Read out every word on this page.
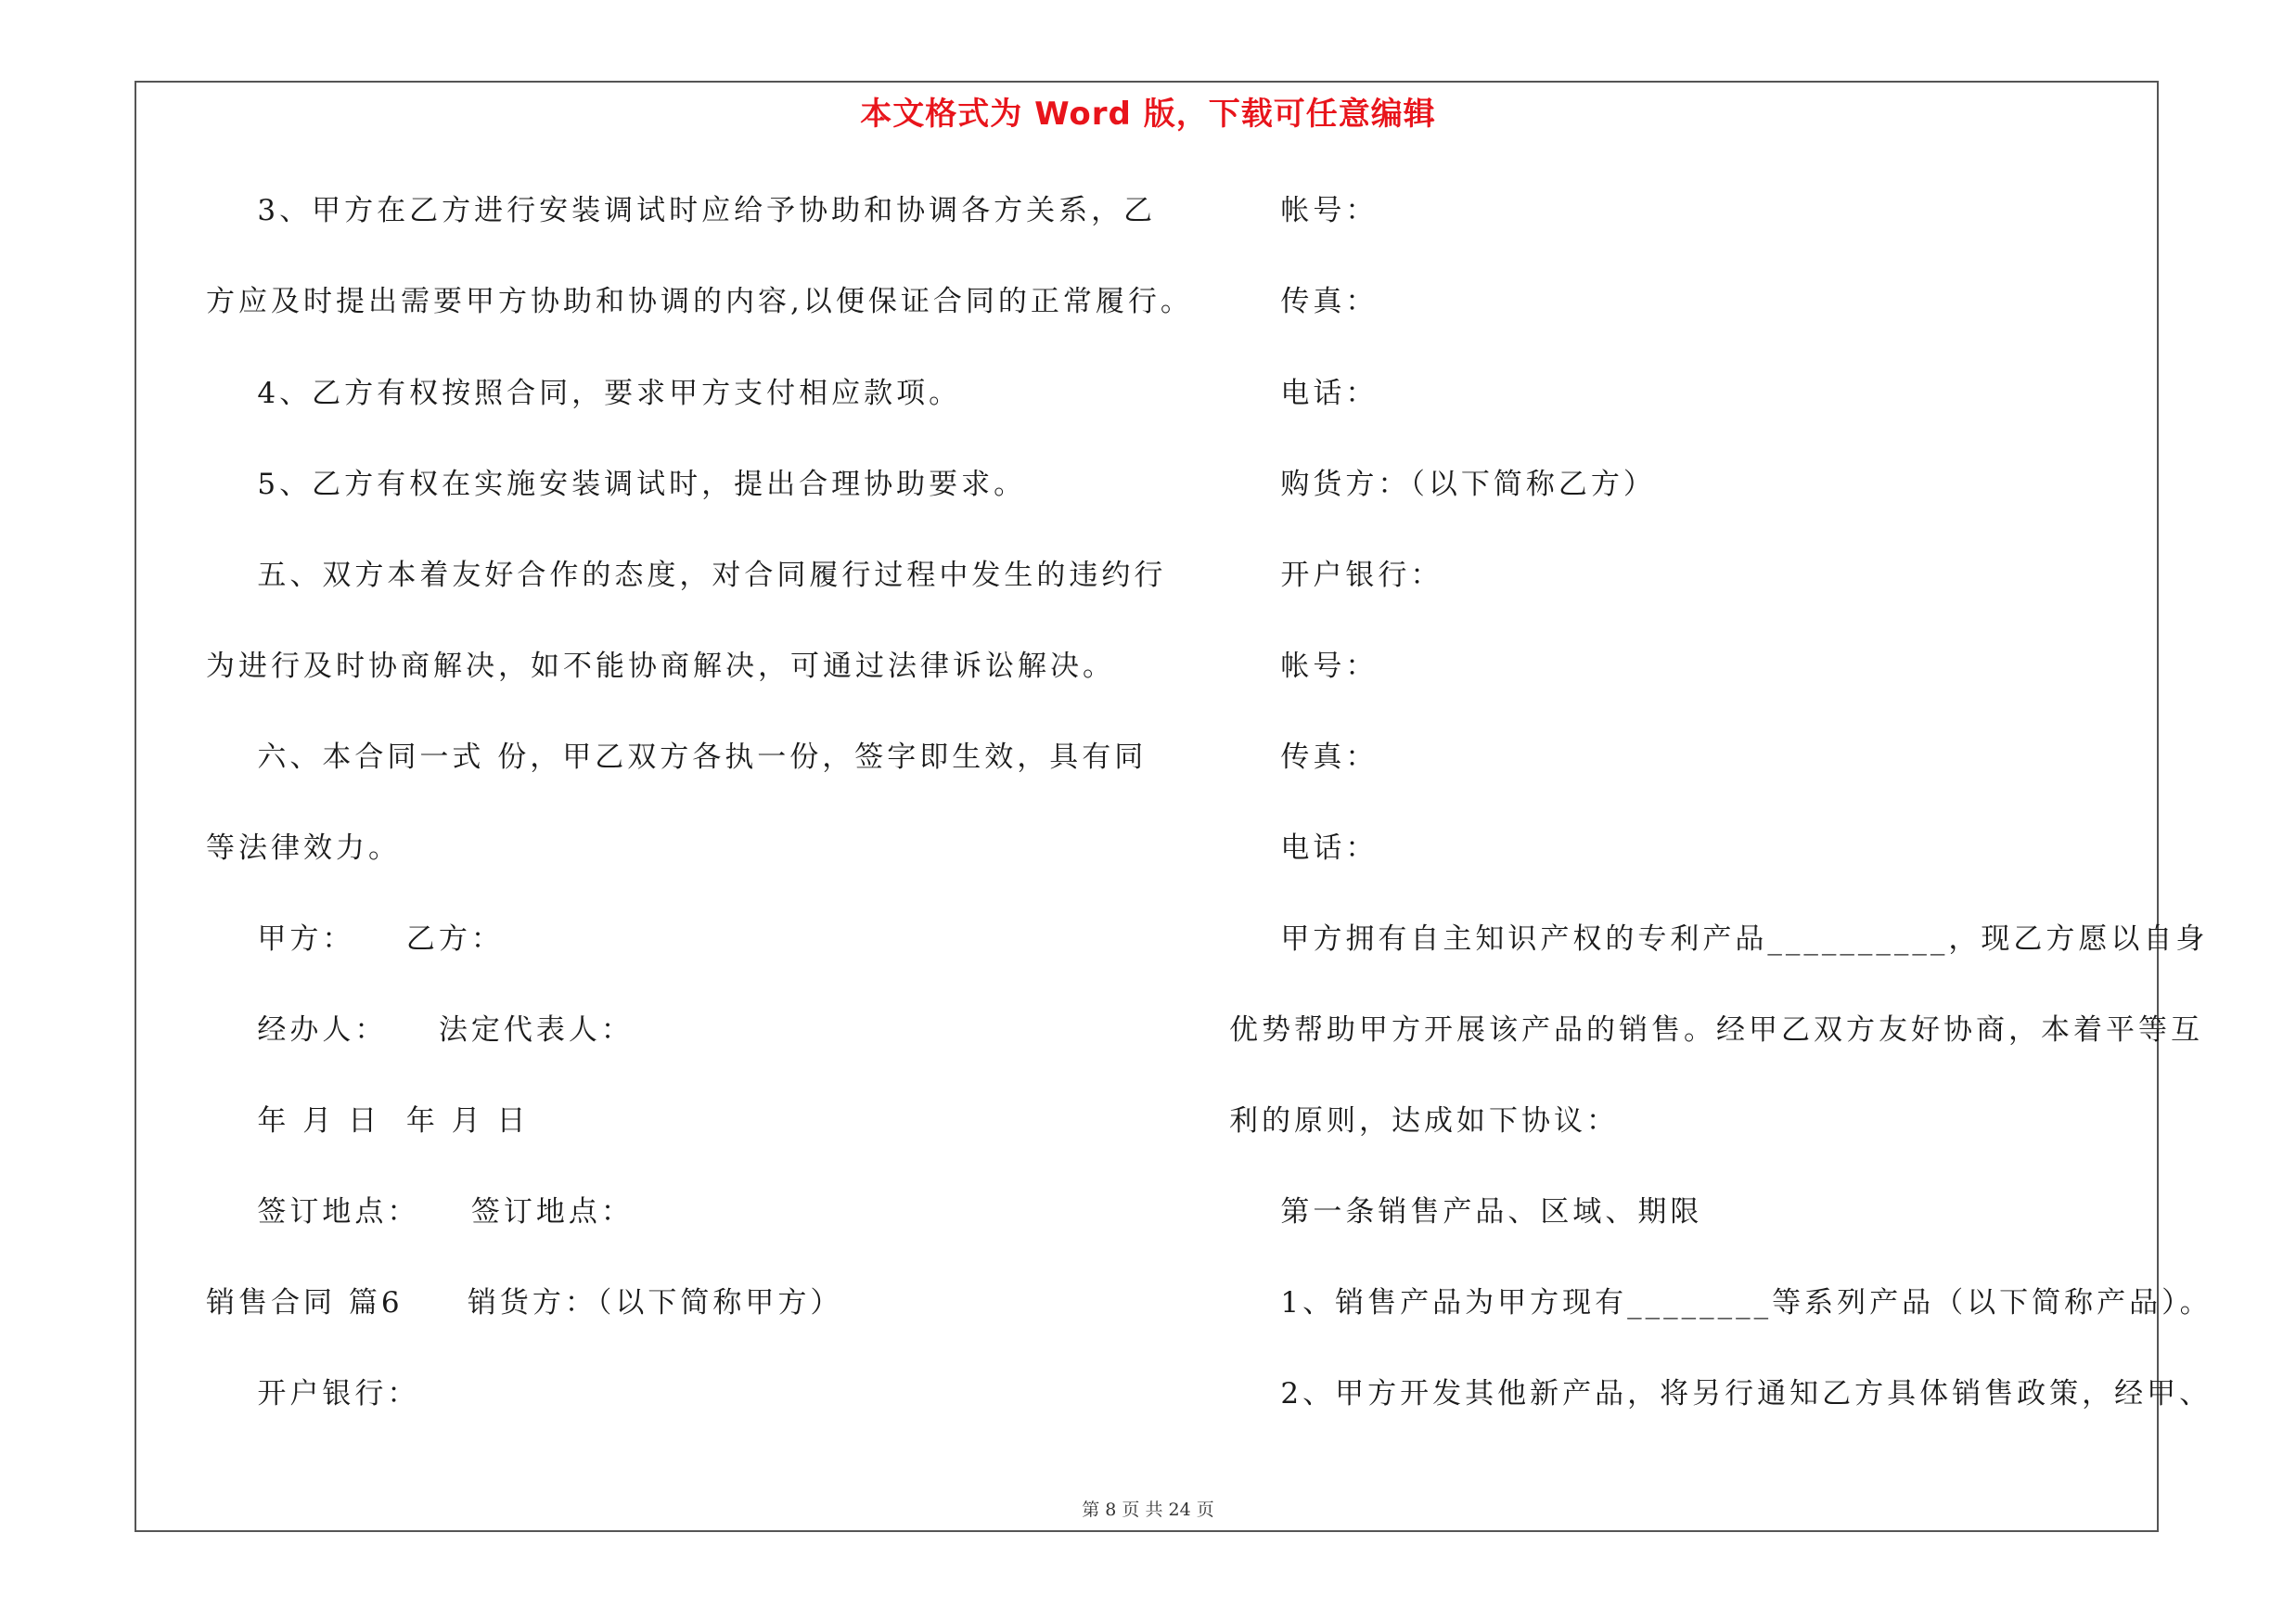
本文格式为 Word 版，下载可任意编辑
3、甲方在乙方进行安装调试时应给予协助和协调各方关系，乙
方应及时提出需要甲方协助和协调的内容,以便保证合同的正常履行。
4、乙方有权按照合同，要求甲方支付相应款项。
5、乙方有权在实施安装调试时，提出合理协助要求。
五、双方本着友好合作的态度，对合同履行过程中发生的违约行
为进行及时协商解决，如不能协商解决，可通过法律诉讼解决。
六、本合同一式 份，甲乙双方各执一份，签字即生效，具有同
等法律效力。
甲方：    乙方：
经办人：    法定代表人：
年 月 日  年 月 日
签订地点：    签订地点：
销售合同 篇6     销货方：（以下简称甲方）
开户银行：
帐号：
传真：
电话：
购货方：（以下简称乙方）
开户银行：
帐号：
传真：
电话：
甲方拥有自主知识产权的专利产品__________，现乙方愿以自身
优势帮助甲方开展该产品的销售。经甲乙双方友好协商，本着平等互
利的原则，达成如下协议：
第一条销售产品、区域、期限
1、销售产品为甲方现有________等系列产品（以下简称产品）。
2、甲方开发其他新产品，将另行通知乙方具体销售政策，经甲、
第 8 页 共 24 页
